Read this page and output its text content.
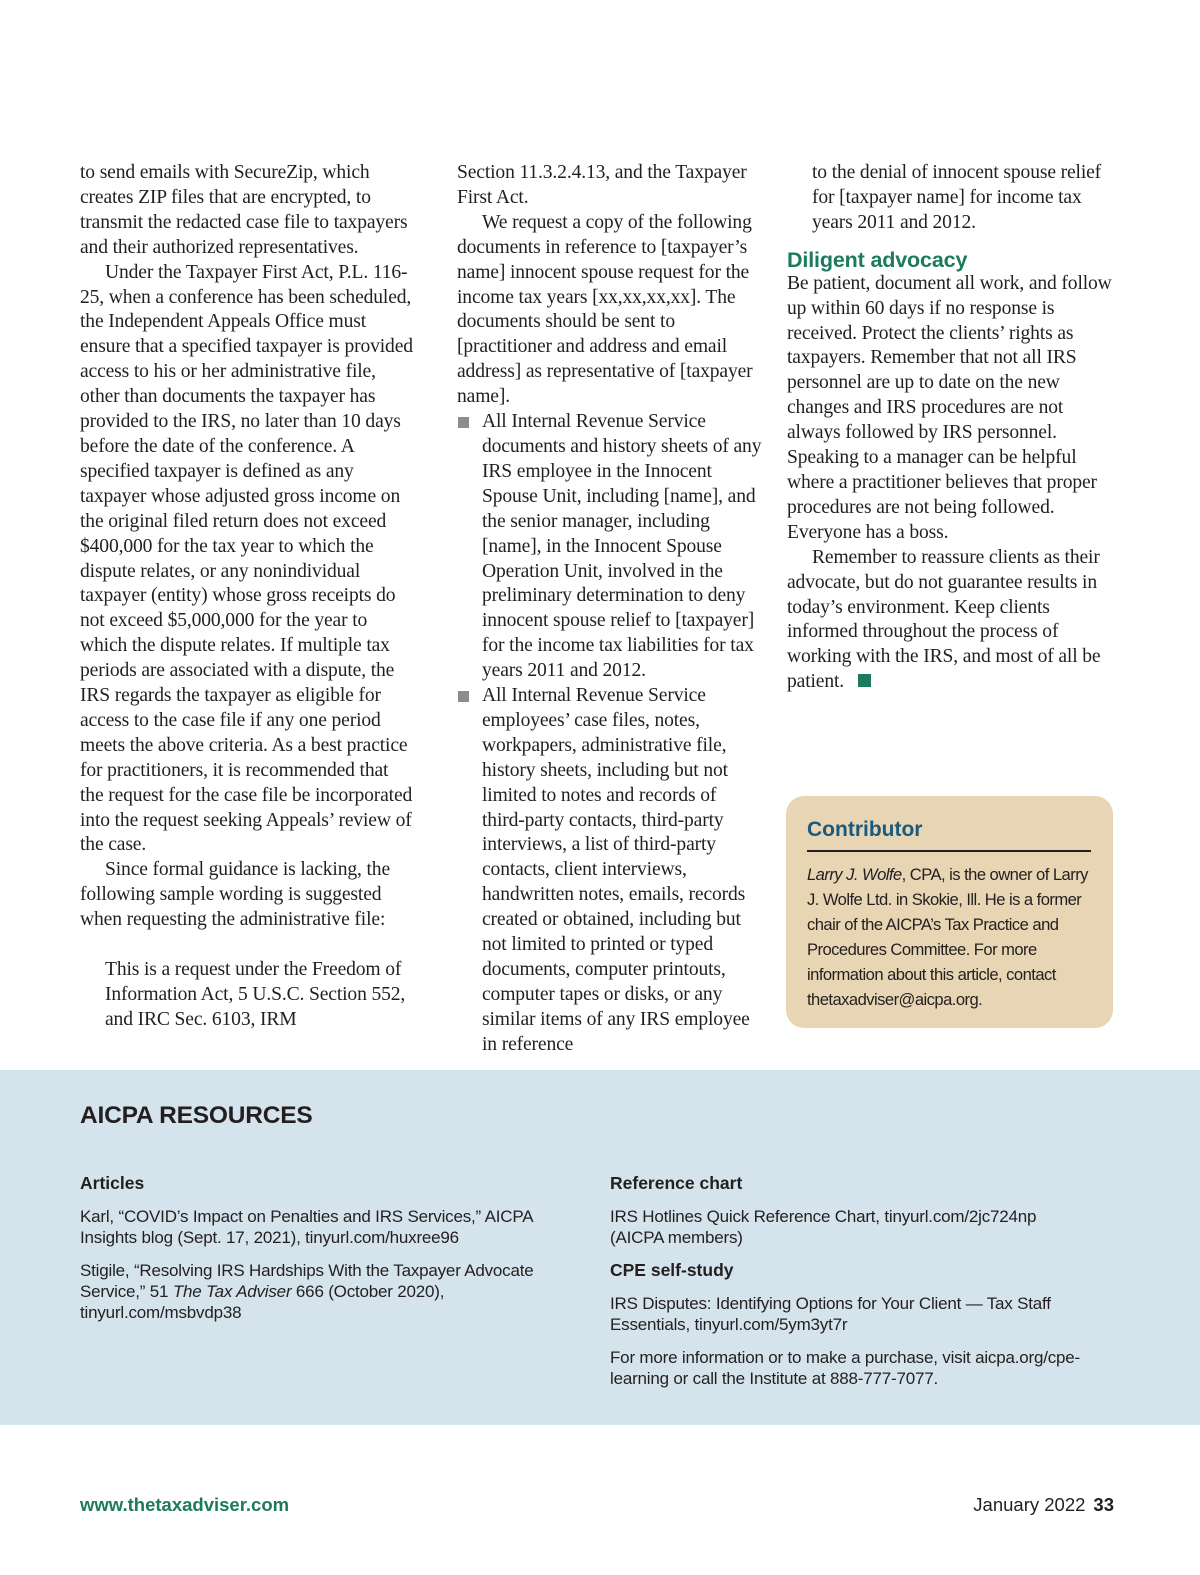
to send emails with SecureZip, which creates ZIP files that are encrypted, to transmit the redacted case file to taxpayers and their authorized representatives.

Under the Taxpayer First Act, P.L. 116-25, when a conference has been scheduled, the Independent Appeals Office must ensure that a specified taxpayer is provided access to his or her administrative file, other than documents the taxpayer has provided to the IRS, no later than 10 days before the date of the conference. A specified taxpayer is defined as any taxpayer whose adjusted gross income on the original filed return does not exceed $400,000 for the tax year to which the dispute relates, or any nonindividual taxpayer (entity) whose gross receipts do not exceed $5,000,000 for the year to which the dispute relates. If multiple tax periods are associated with a dispute, the IRS regards the taxpayer as eligible for access to the case file if any one period meets the above criteria. As a best practice for practitioners, it is recommended that the request for the case file be incorporated into the request seeking Appeals’ review of the case.

Since formal guidance is lacking, the following sample wording is suggested when requesting the administrative file:

This is a request under the Freedom of Information Act, 5 U.S.C. Section 552, and IRC Sec. 6103, IRM

Section 11.3.2.4.13, and the Taxpayer First Act.

We request a copy of the following documents in reference to [taxpayer’s name] innocent spouse request for the income tax years [xx,xx,xx,xx]. The documents should be sent to [practitioner and address and email address] as representative of [taxpayer name].

All Internal Revenue Service documents and history sheets of any IRS employee in the Innocent Spouse Unit, including [name], and the senior manager, including [name], in the Innocent Spouse Operation Unit, involved in the preliminary determination to deny innocent spouse relief to [taxpayer] for the income tax liabilities for tax years 2011 and 2012.
All Internal Revenue Service employees’ case files, notes, workpapers, administrative file, history sheets, including but not limited to notes and records of third-party contacts, third-party interviews, a list of third-party contacts, client interviews, handwritten notes, emails, records created or obtained, including but not limited to printed or typed documents, computer printouts, computer tapes or disks, or any similar items of any IRS employee in reference

to the denial of innocent spouse relief for [taxpayer name] for income tax years 2011 and 2012.

Diligent advocacy

Be patient, document all work, and follow up within 60 days if no response is received. Protect the clients’ rights as taxpayers. Remember that not all IRS personnel are up to date on the new changes and IRS procedures are not always followed by IRS personnel. Speaking to a manager can be helpful where a practitioner believes that proper procedures are not being followed. Everyone has a boss.

Remember to reassure clients as their advocate, but do not guarantee results in today’s environment. Keep clients informed throughout the process of working with the IRS, and most of all be patient.

Contributor
Larry J. Wolfe, CPA, is the owner of Larry J. Wolfe Ltd. in Skokie, Ill. He is a former chair of the AICPA’s Tax Practice and Procedures Committee. For more information about this article, contact thetaxadviser@aicpa.org.
AICPA RESOURCES
Articles
Karl, “COVID’s Impact on Penalties and IRS Services,” AICPA Insights blog (Sept. 17, 2021), tinyurl.com/huxree96
Stigile, “Resolving IRS Hardships With the Taxpayer Advocate Service,” 51 The Tax Adviser 666 (October 2020), tinyurl.com/msbvdp38
Reference chart
IRS Hotlines Quick Reference Chart, tinyurl.com/2jc724np (AICPA members)
CPE self-study
IRS Disputes: Identifying Options for Your Client — Tax Staff Essentials, tinyurl.com/5ym3yt7r
For more information or to make a purchase, visit aicpa.org/cpe-learning or call the Institute at 888-777-7077.
www.thetaxadviser.com	January 2022 33
